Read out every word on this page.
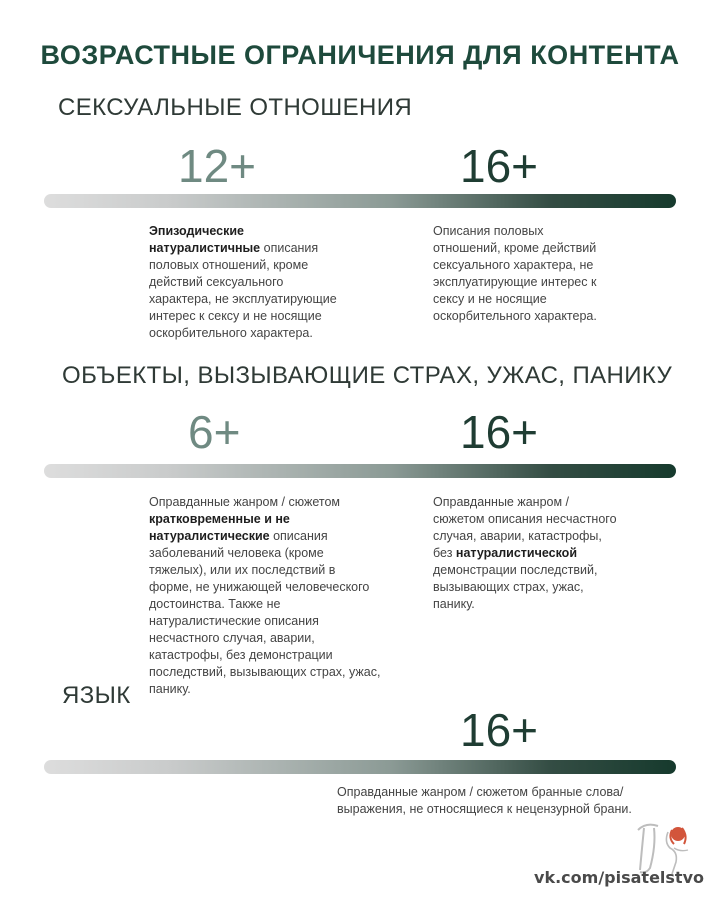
ВОЗРАСТНЫЕ ОГРАНИЧЕНИЯ ДЛЯ КОНТЕНТА
СЕКСУАЛЬНЫЕ ОТНОШЕНИЯ
12+	16+
Эпизодические натуралистичные описания половых отношений, кроме действий сексуального характера, не эксплуатирующие интерес к сексу и не носящие оскорбительного характера.
Описания половых отношений, кроме действий сексуального характера, не эксплуатирующие интерес к сексу и не носящие оскорбительного характера.
ОБЪЕКТЫ, ВЫЗЫВАЮЩИЕ СТРАХ, УЖАС, ПАНИКУ
6+	16+
Оправданные жанром / сюжетом кратковременные и не натуралистические описания заболеваний человека (кроме тяжелых), или их последствий в форме, не унижающей человеческого достоинства. Также не натуралистические описания несчастного случая, аварии, катастрофы, без демонстрации последствий, вызывающих страх, ужас, панику.
Оправданные жанром / сюжетом описания несчастного случая, аварии, катастрофы, без натуралистической демонстрации последствий, вызывающих страх, ужас, панику.
ЯЗЫК
16+
Оправданные жанром / сюжетом бранные слова/
выражения, не относящиеся к нецензурной брани.
vk.com/pisatelstvo
